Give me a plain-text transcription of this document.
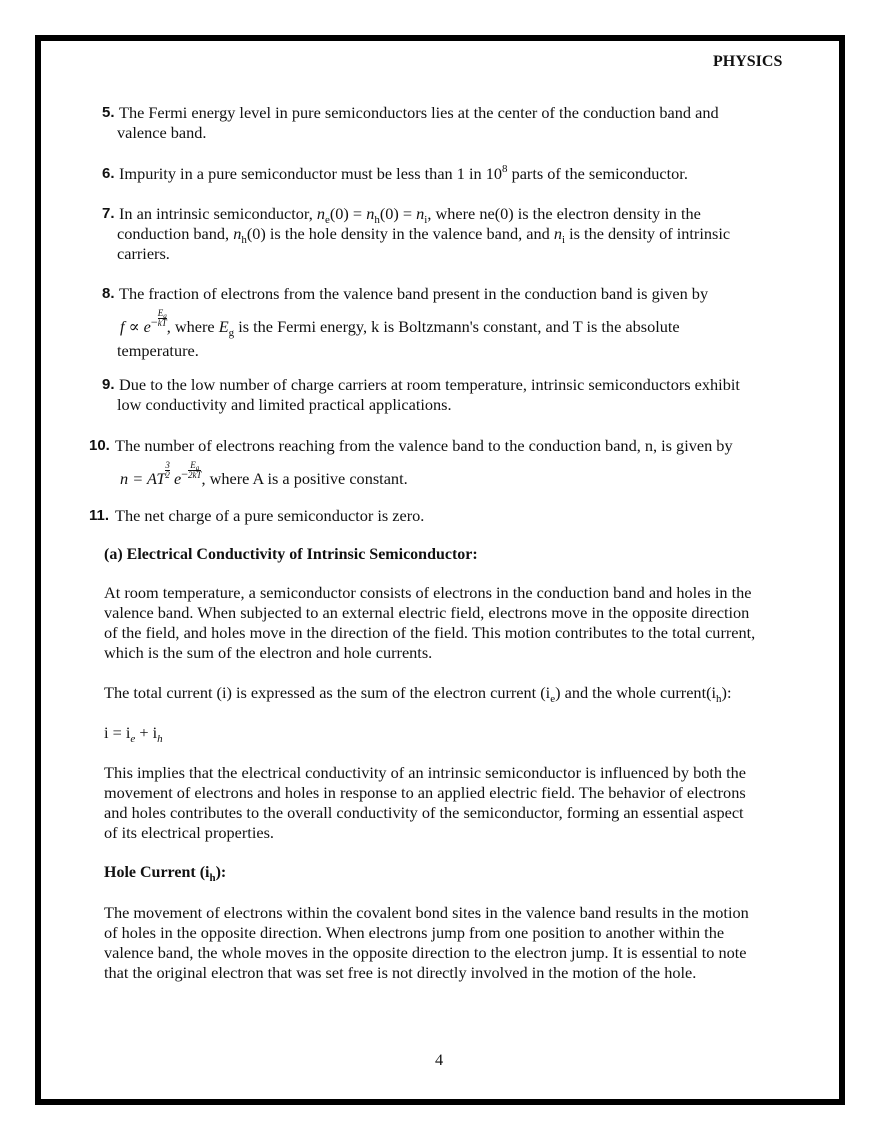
PHYSICS
5. The Fermi energy level in pure semiconductors lies at the center of the conduction band and
valence band.
6. Impurity in a pure semiconductor must be less than 1 in $10^8$ parts of the semiconductor.
7. In an intrinsic semiconductor, $n_e(0) = n_h(0) = n_i$, where ne(0) is the electron density in the
conduction band, $n_h(0)$ is the hole density in the valence band, and $n_i$ is the density of intrinsic
carriers.
8. The fraction of electrons from the valence band present in the conduction band is given by
$f \propto e^- \frac{E_g}{kT}$ , where $E_g$ is the Fermi energy, k is Boltzmann's constant, and T is the absolute
temperature.
9. Due to the low number of charge carriers at room temperature, intrinsic semiconductors exhibit
low conductivity and limited practical applications.
10. The number of electrons reaching from the valence band to the conduction band, n, is given by
n = AT $\frac{3}{2} e^- \frac{E_g}{2kT}$ , where A is a positive constant.
11. The net charge of a pure semiconductor is zero.
(a) Electrical Conductivity of Intrinsic Semiconductor:
At room temperature, a semiconductor consists of electrons in the conduction band and holes in the
valence band. When subjected to an external electric field, electrons move in the opposite direction
of the field, and holes move in the direction of the field. This motion contributes to the total current,
which is the sum of the electron and hole currents.
The total current (i) is expressed as the sum of the electron current $(i_e)$ and the whole $current(i_h)$:
$i = i_e + i_h$
This implies that the electrical conductivity of an intrinsic semiconductor is influenced by both the
movement of electrons and holes in response to an applied electric field. The behavior of electrons
and holes contributes to the overall conductivity of the semiconductor, forming an essential aspect
of its electrical properties.
Hole Current $(i_h)$:
The movement of electrons within the covalent bond sites in the valence band results in the motion
of holes in the opposite direction. When electrons jump from one position to another within the
valence band, the whole moves in the opposite direction to the electron jump. It is essential to note
that the original electron that was set free is not directly involved in the motion of the hole.
4
